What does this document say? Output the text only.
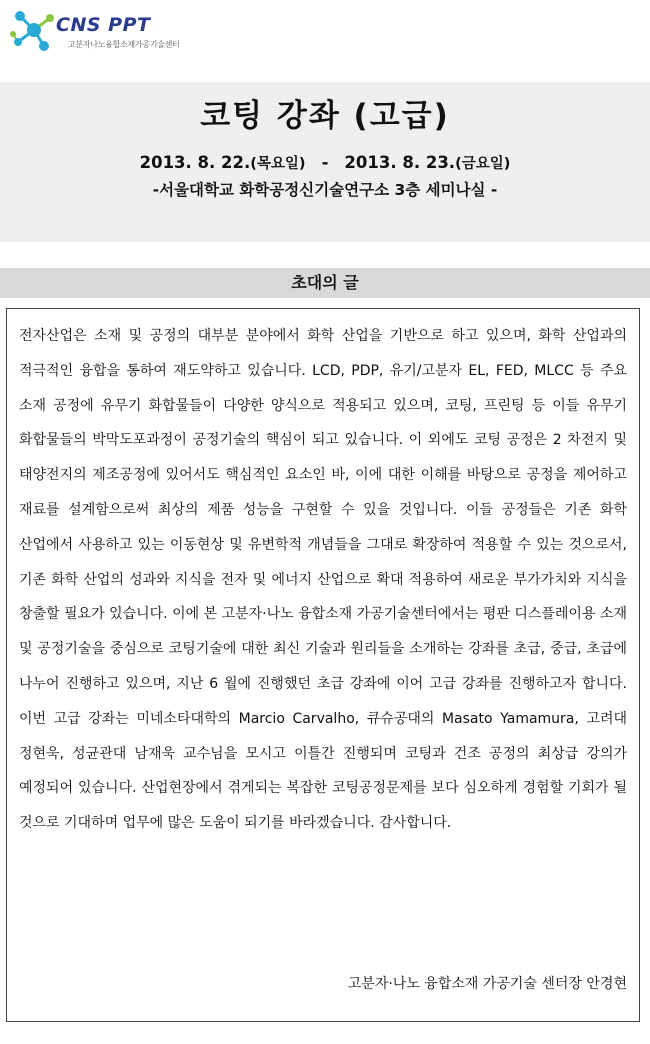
CNS PPT
고분자나노융합소재가공기술센터
코팅 강좌 (고급)
2013. 8. 22.(목요일) - 2013. 8. 23.(금요일)
-서울대학교 화학공정신기술연구소 3층 세미나실 -
초대의 글
전자산업은 소재 및 공정의 대부분 분야에서 화학 산업을 기반으로 하고 있으며, 화학 산업과의 적극적인 융합을 통하여 재도약하고 있습니다. LCD, PDP, 유기/고분자 EL, FED, MLCC 등 주요 소재 공정에 유무기 화합물들이 다양한 양식으로 적용되고 있으며, 코팅, 프린팅 등 이들 유무기 화합물들의 박막도포과정이 공정기술의 핵심이 되고 있습니다. 이 외에도 코팅 공정은 2 차전지 및 태양전지의 제조공정에 있어서도 핵심적인 요소인 바, 이에 대한 이해를 바탕으로 공정을 제어하고 재료를 설계함으로써 최상의 제품 성능을 구현할 수 있을 것입니다. 이들 공정들은 기존 화학 산업에서 사용하고 있는 이동현상 및 유변학적 개념들을 그대로 확장하여 적용할 수 있는 것으로서, 기존 화학 산업의 성과와 지식을 전자 및 에너지 산업으로 확대 적용하여 새로운 부가가치와 지식을 창출할 필요가 있습니다. 이에 본 고분자·나노 융합소재 가공기술센터에서는 평판 디스플레이용 소재 및 공정기술을 중심으로 코팅기술에 대한 최신 기술과 원리들을 소개하는 강좌를 초급, 중급, 초급에 나누어 진행하고 있으며, 지난 6 월에 진행했던 초급 강좌에 이어 고급 강좌를 진행하고자 합니다. 이번 고급 강좌는 미네소타대학의 Marcio Carvalho, 큐슈공대의 Masato Yamamura, 고려대 정현욱, 성균관대 남재욱 교수님을 모시고 이틀간 진행되며 코팅과 건조 공정의 최상급 강의가 예정되어 있습니다. 산업현장에서 겪게되는 복잡한 코팅공정문제를 보다 심오하게 경험할 기회가 될 것으로 기대하며 업무에 많은 도움이 되기를 바라겠습니다. 감사합니다.
고분자·나노 융합소재 가공기술 센터장 안경현
